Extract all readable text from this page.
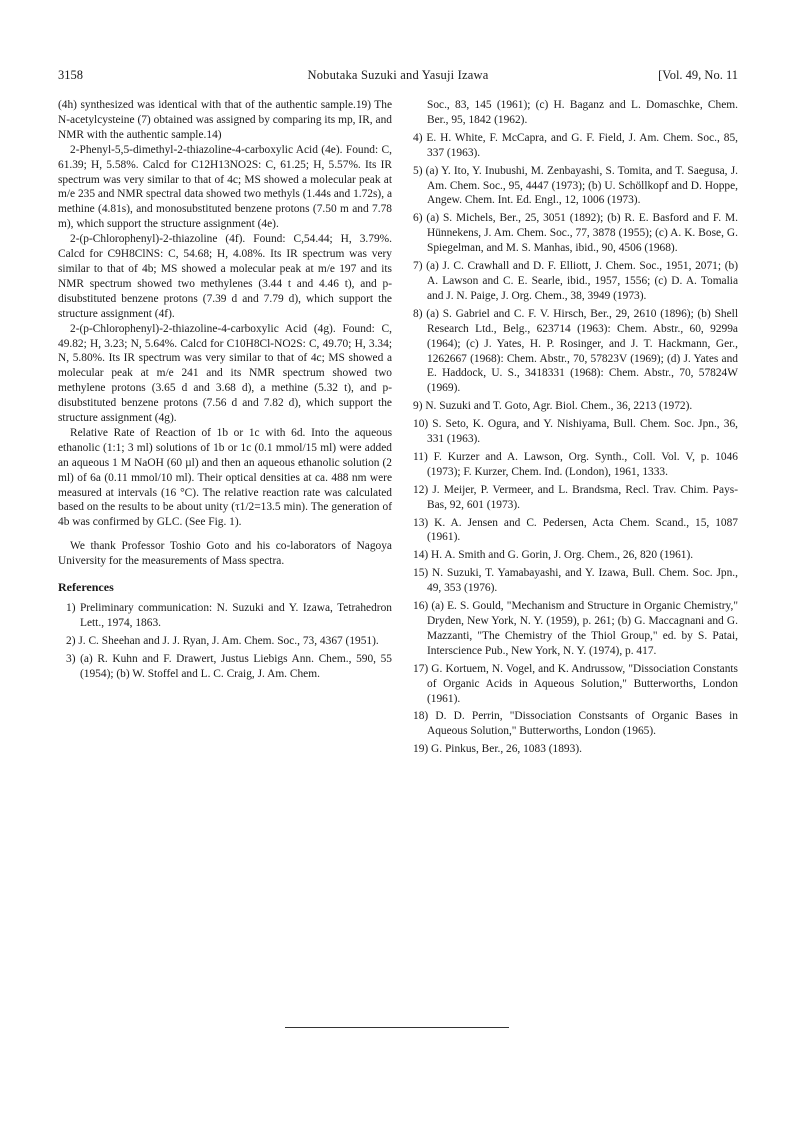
3158	Nobutaka Suzuki and Yasuji Izawa	[Vol. 49, No. 11

(4h) synthesized was identical with that of the authentic sample.19) The N-acetylcysteine (7) obtained was assigned by comparing its mp, IR, and NMR with the authentic sample.14)

2-Phenyl-5,5-dimethyl-2-thiazoline-4-carboxylic Acid (4e). Found: C, 61.39; H, 5.58%. Calcd for C12H13NO2S: C, 61.25; H, 5.57%. Its IR spectrum was very similar to that of 4c; MS showed a molecular peak at m/e 235 and NMR spectral data showed two methyls (1.44s and 1.72s), a methine (4.81s), and monosubstituted benzene protons (7.50 m and 7.78 m), which support the structure assignment (4e).

2-(p-Chlorophenyl)-2-thiazoline (4f). Found: C,54.44; H, 3.79%. Calcd for C9H8ClNS: C, 54.68; H, 4.08%. Its IR spectrum was very similar to that of 4b; MS showed a molecular peak at m/e 197 and its NMR spectrum showed two methylenes (3.44 t and 4.46 t), and p-disubstituted benzene protons (7.39 d and 7.79 d), which support the structure assignment (4f).

2-(p-Chlorophenyl)-2-thiazoline-4-carboxylic Acid (4g). Found: C, 49.82; H, 3.23; N, 5.64%. Calcd for C10H8Cl-NO2S: C, 49.70; H, 3.34; N, 5.80%. Its IR spectrum was very similar to that of 4c; MS showed a molecular peak at m/e 241 and its NMR spectrum showed two methylene protons (3.65 d and 3.68 d), a methine (5.32 t), and p-disubstituted benzene protons (7.56 d and 7.82 d), which support the structure assignment (4g).

Relative Rate of Reaction of 1b or 1c with 6d. Into the aqueous ethanolic (1:1; 3 ml) solutions of 1b or 1c (0.1 mmol/15 ml) were added an aqueous 1 M NaOH (60 µl) and then an aqueous ethanolic solution (2 ml) of 6a (0.11 mmol/10 ml). Their optical densities at ca. 488 nm were measured at intervals (16 °C). The relative reaction rate was calculated based on the results to be about unity (τ1/2=13.5 min). The generation of 4b was confirmed by GLC. (See Fig. 1).

We thank Professor Toshio Goto and his co-laborators of Nagoya University for the measurements of Mass spectra.

References

1) Preliminary communication: N. Suzuki and Y. Izawa, Tetrahedron Lett., 1974, 1863.

2) J. C. Sheehan and J. J. Ryan, J. Am. Chem. Soc., 73, 4367 (1951).

3) (a) R. Kuhn and F. Drawert, Justus Liebigs Ann. Chem., 590, 55 (1954); (b) W. Stoffel and L. C. Craig, J. Am. Chem.

Soc., 83, 145 (1961); (c) H. Baganz and L. Domaschke, Chem. Ber., 95, 1842 (1962).

4) E. H. White, F. McCapra, and G. F. Field, J. Am. Chem. Soc., 85, 337 (1963).

5) (a) Y. Ito, Y. Inubushi, M. Zenbayashi, S. Tomita, and T. Saegusa, J. Am. Chem. Soc., 95, 4447 (1973); (b) U. Schöllkopf and D. Hoppe, Angew. Chem. Int. Ed. Engl., 12, 1006 (1973).

6) (a) S. Michels, Ber., 25, 3051 (1892); (b) R. E. Basford and F. M. Hünnekens, J. Am. Chem. Soc., 77, 3878 (1955); (c) A. K. Bose, G. Spiegelman, and M. S. Manhas, ibid., 90, 4506 (1968).

7) (a) J. C. Crawhall and D. F. Elliott, J. Chem. Soc., 1951, 2071; (b) A. Lawson and C. E. Searle, ibid., 1957, 1556; (c) D. A. Tomalia and J. N. Paige, J. Org. Chem., 38, 3949 (1973).

8) (a) S. Gabriel and C. F. V. Hirsch, Ber., 29, 2610 (1896); (b) Shell Research Ltd., Belg., 623714 (1963): Chem. Abstr., 60, 9299a (1964); (c) J. Yates, H. P. Rosinger, and J. T. Hackmann, Ger., 1262667 (1968): Chem. Abstr., 70, 57823V (1969); (d) J. Yates and E. Haddock, U. S., 3418331 (1968): Chem. Abstr., 70, 57824W (1969).

9) N. Suzuki and T. Goto, Agr. Biol. Chem., 36, 2213 (1972).

10) S. Seto, K. Ogura, and Y. Nishiyama, Bull. Chem. Soc. Jpn., 36, 331 (1963).

11) F. Kurzer and A. Lawson, Org. Synth., Coll. Vol. V, p. 1046 (1973); F. Kurzer, Chem. Ind. (London), 1961, 1333.

12) J. Meijer, P. Vermeer, and L. Brandsma, Recl. Trav. Chim. Pays-Bas, 92, 601 (1973).

13) K. A. Jensen and C. Pedersen, Acta Chem. Scand., 15, 1087 (1961).

14) H. A. Smith and G. Gorin, J. Org. Chem., 26, 820 (1961).

15) N. Suzuki, T. Yamabayashi, and Y. Izawa, Bull. Chem. Soc. Jpn., 49, 353 (1976).

16) (a) E. S. Gould, "Mechanism and Structure in Organic Chemistry," Dryden, New York, N. Y. (1959), p. 261; (b) G. Maccagnani and G. Mazzanti, "The Chemistry of the Thiol Group," ed. by S. Patai, Interscience Pub., New York, N. Y. (1974), p. 417.

17) G. Kortuem, N. Vogel, and K. Andrussow, "Dissociation Constants of Organic Acids in Aqueous Solution," Butterworths, London (1961).

18) D. D. Perrin, "Dissociation Constsants of Organic Bases in Aqueous Solution," Butterworths, London (1965).

19) G. Pinkus, Ber., 26, 1083 (1893).
